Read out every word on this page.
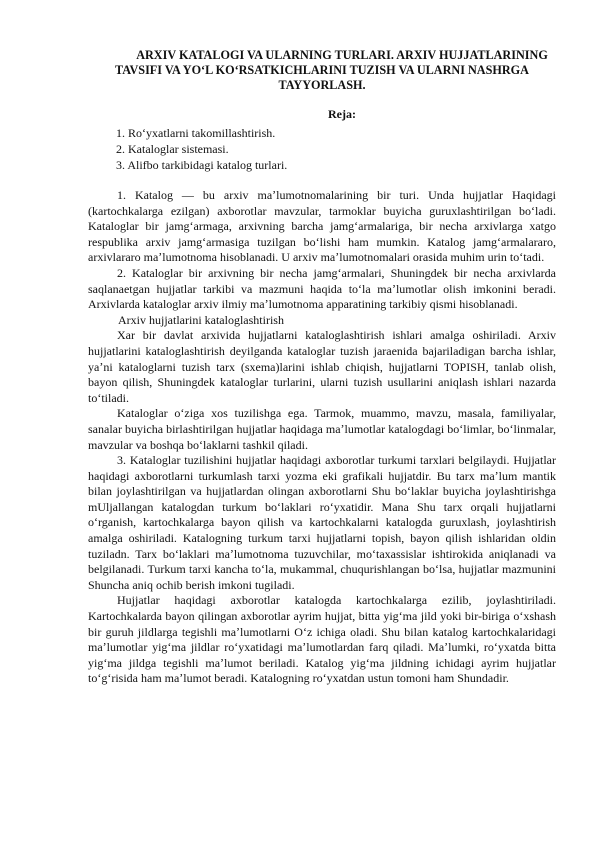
ARXIV KATALOGI VA ULARNING TURLARI. ARXIV HUJJATLARINING TAVSIFI VA YOʻL KOʻRSATKICHLARINI TUZISH VA ULARNI NASHRGA TAYYORLASH.

Reja:

1. Roʻyxatlarni takomillashtirish.
2. Kataloglar sistemasi.
3. Alifbo tarkibidagi katalog turlari.

1. Katalog — bu arxiv maʼlumotnomalarining bir turi. Unda hujjatlar Haqidagi (kartochkalarga ezilgan) axborotlar mavzular, tarmoklar buyicha guruxlashtirilgan boʻladi. Kataloglar bir jamgʻarmaga, arxivning barcha jamgʻarmalariga, bir necha arxivlarga xatgo respublika arxiv jamgʻarmasiga tuzilgan boʻlishi ham mumkin. Katalog jamgʻarmalararo, arxivlararo maʼlumotnoma hisoblanadi. U arxiv maʼlumotnomalari orasida muhim urin toʻtadi.

2. Kataloglar bir arxivning bir necha jamgʻarmalari, Shuningdek bir necha arxivlarda saqlanaetgan hujjatlar tarkibi va mazmuni haqida toʻla maʼlumotlar olish imkonini beradi. Arxivlarda kataloglar arxiv ilmiy maʼlumotnoma apparatining tarkibiy qismi hisoblanadi.

Arxiv hujjatlarini kataloglashtirish

Xar bir davlat arxivida hujjatlarni kataloglashtirish ishlari amalga oshiriladi. Arxiv hujjatlarini kataloglashtirish deyilganda kataloglar tuzish jaraenida bajariladigan barcha ishlar, yaʼni kataloglarni tuzish tarx (sxema)larini ishlab chiqish, hujjatlarni TOPISH, tanlab olish, bayon qilish, Shuningdek kataloglar turlarini, ularni tuzish usullarini aniqlash ishlari nazarda toʻtiladi.

Kataloglar oʻziga xos tuzilishga ega. Tarmok, muammo, mavzu, masala, familiyalar, sanalar buyicha birlashtirilgan hujjatlar haqidaga maʼlumotlar katalogdagi boʻlimlar, boʻlinmalar, mavzular va boshqa boʻlaklarni tashkil qiladi.

3. Kataloglar tuzilishini hujjatlar haqidagi axborotlar turkumi tarxlari belgilaydi. Hujjatlar haqidagi axborotlarni turkumlash tarxi yozma eki grafikali hujjatdir. Bu tarx maʼlum mantik bilan joylashtirilgan va hujjatlardan olingan axborotlarni Shu boʻlaklar buyicha joylashtirishga mUljallangan katalogdan turkum boʻlaklari roʻyxatidir. Mana Shu tarx orqali hujjatlarni oʻrganish, kartochkalarga bayon qilish va kartochkalarni katalogda guruxlash, joylashtirish amalga oshiriladi. Katalogning turkum tarxi hujjatlarni topish, bayon qilish ishlaridan oldin tuziladn. Tarx boʻlaklari maʼlumotnoma tuzuvchilar, moʻtaxassislar ishtirokida aniqlanadi va belgilanadi. Turkum tarxi kancha toʻla, mukammal, chuqurishlangan boʻlsa, hujjatlar mazmunini Shuncha aniq ochib berish imkoni tugiladi.

Hujjatlar haqidagi axborotlar katalogda kartochkalarga ezilib, joylashtiriladi. Kartochkalarda bayon qilingan axborotlar ayrim hujjat, bitta yigʻma jild yoki bir-biriga oʻxshash bir guruh jildlarga tegishli maʼlumotlarni Oʻz ichiga oladi. Shu bilan katalog kartochkalaridagi maʼlumotlar yigʻma jildlar roʻyxatidagi maʼlumotlardan farq qiladi. Maʼlumki, roʻyxatda bitta yigʻma jildga tegishli maʼlumot beriladi. Katalog yigʻma jildning ichidagi ayrim hujjatlar toʻgʻrisida ham maʼlumot beradi. Katalogning roʻyxatdan ustun tomoni ham Shundadir.
